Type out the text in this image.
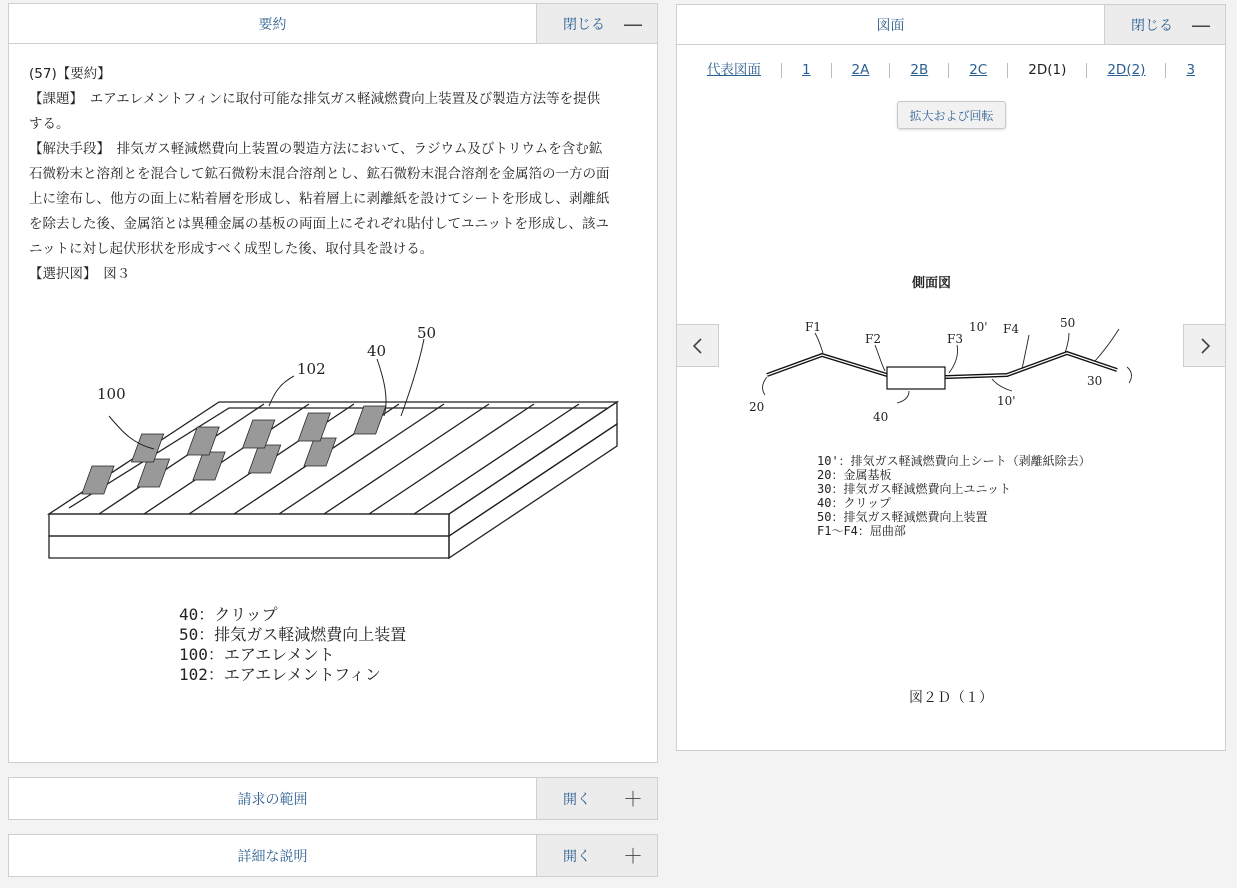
要約	閉じる —

(57)【要約】

【課題】　エアエレメントフィンに取付可能な排気ガス軽減燃費向上装置及び製造方法等を提供

する。

【解決手段】　排気ガス軽減燃費向上装置の製造方法において、ラジウム及びトリウムを含む鉱

石微粉末と溶剤とを混合して鉱石微粉末混合溶剤とし、鉱石微粉末混合溶剤を金属箔の一方の面

上に塗布し、他方の面上に粘着層を形成し、粘着層上に剥離紙を設けてシートを形成し、剥離紙

を除去した後、金属箔とは異種金属の基板の両面上にそれぞれ貼付してユニットを形成し、該ユ

ニットに対し起伏形状を形成すべく成型した後、取付具を設ける。

【選択図】　図３

100
102
40
50
40：クリップ
50：排気ガス軽減燃費向上装置
100：エアエレメント
102：エアエレメントフィン
図面	閉じる —
代表図面	1	2A	2B	2C	2D(1)	2D(2)	3
拡大および回転
側面図
F1
F2	F3
10' F4	50
30
20
40
10'
10'：排気ガス軽減燃費向上シート（剥離紙除去）
20：金属基板
30：排気ガス軽減燃費向上ユニット
40：クリップ
50：排気ガス軽減燃費向上装置
F1～F4：屈曲部
図２Ｄ（１）
請求の範囲	開く ＋
詳細な説明	開く ＋
